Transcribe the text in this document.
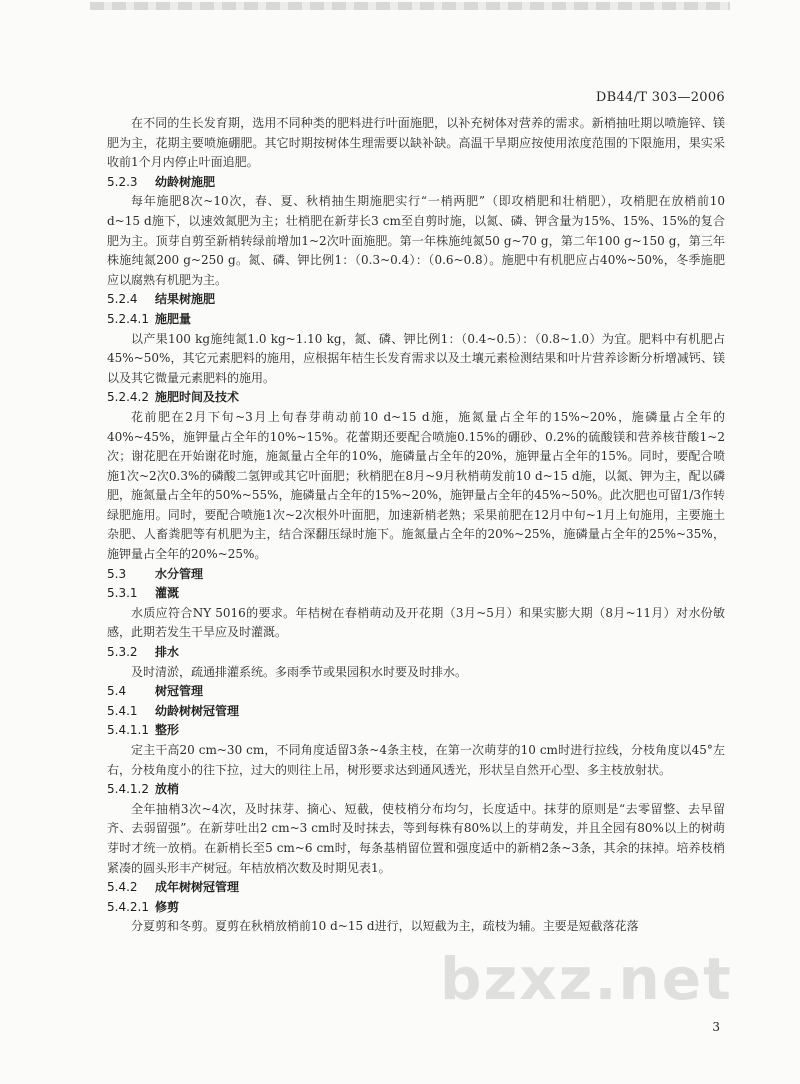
DB44/T 303—2006

在不同的生长发育期，选用不同种类的肥料进行叶面施肥，以补充树体对营养的需求。新梢抽吐期以喷施锌、镁肥为主，花期主要喷施硼肥。其它时期按树体生理需要以缺补缺。高温干旱期应按使用浓度范围的下限施用，果实采收前1个月内停止叶面追肥。

5.2.3 幼龄树施肥

每年施肥8次~10次，春、夏、秋梢抽生期施肥实行“一梢两肥”（即攻梢肥和壮梢肥），攻梢肥在放梢前10 d~15 d施下，以速效氮肥为主；壮梢肥在新芽长3 cm至自剪时施，以氮、磷、钾含量为15%、15%、15%的复合肥为主。顶芽自剪至新梢转绿前增加1~2次叶面施肥。第一年株施纯氮50 g~70 g，第二年100 g~150 g，第三年株施纯氮200 g~250 g。氮、磷、钾比例1：（0.3~0.4）：（0.6~0.8）。施肥中有机肥应占40%~50%，冬季施肥应以腐熟有机肥为主。

5.2.4 结果树施肥
5.2.4.1 施肥量

以产果100 kg施纯氮1.0 kg~1.10 kg，氮、磷、钾比例1：（0.4~0.5）：（0.8~1.0）为宜。肥料中有机肥占45%~50%，其它元素肥料的施用，应根据年桔生长发育需求以及土壤元素检测结果和叶片营养诊断分析增减钙、镁以及其它微量元素肥料的施用。

5.2.4.2 施肥时间及技术

花前肥在2月下旬~3月上旬春芽萌动前10 d~15 d施，施氮量占全年的15%~20%，施磷量占全年的40%~45%，施钾量占全年的10%~15%。花蕾期还要配合喷施0.15%的硼砂、0.2%的硫酸镁和营养核苷酸1~2次；谢花肥在开始谢花时施，施氮量占全年的10%，施磷量占全年的20%，施钾量占全年的15%。同时，要配合喷施1次~2次0.3%的磷酸二氢钾或其它叶面肥；秋梢肥在8月~9月秋梢萌发前10 d~15 d施，以氮、钾为主，配以磷肥，施氮量占全年的50%~55%，施磷量占全年的15%~20%，施钾量占全年的45%~50%。此次肥也可留1/3作转绿肥施用。同时，要配合喷施1次~2次根外叶面肥，加速新梢老熟；采果前肥在12月中旬~1月上旬施用，主要施土杂肥、人畜粪肥等有机肥为主，结合深翻压绿时施下。施氮量占全年的20%~25%，施磷量占全年的25%~35%，施钾量占全年的20%~25%。

5.3 水分管理
5.3.1 灌溉

水质应符合NY 5016的要求。年桔树在春梢萌动及开花期（3月~5月）和果实膨大期（8月~11月）对水份敏感，此期若发生干旱应及时灌溉。

5.3.2 排水

及时清淤，疏通排灌系统。多雨季节或果园积水时要及时排水。

5.4 树冠管理
5.4.1 幼龄树树冠管理
5.4.1.1 整形

定主干高20 cm~30 cm，不同角度适留3条~4条主枝，在第一次萌芽的10 cm时进行拉线，分枝角度以45°左右，分枝角度小的往下拉，过大的则往上吊，树形要求达到通风透光，形状呈自然开心型、多主枝放射状。

5.4.1.2 放梢

全年抽梢3次~4次，及时抹芽、摘心、短截，使枝梢分布均匀，长度适中。抹芽的原则是“去零留整、去早留齐、去弱留强”。在新芽吐出2 cm~3 cm时及时抹去，等到每株有80%以上的芽萌发，并且全园有80%以上的树萌芽时才统一放梢。在新梢长至5 cm~6 cm时，每条基梢留位置和强度适中的新梢2条~3条，其余的抹掉。培养枝梢紧凑的圆头形丰产树冠。年桔放梢次数及时期见表1。

5.4.2 成年树树冠管理
5.4.2.1 修剪

分夏剪和冬剪。夏剪在秋梢放梢前10 d~15 d进行，以短截为主，疏枝为辅。主要是短截落花落

3
bzxz.net
